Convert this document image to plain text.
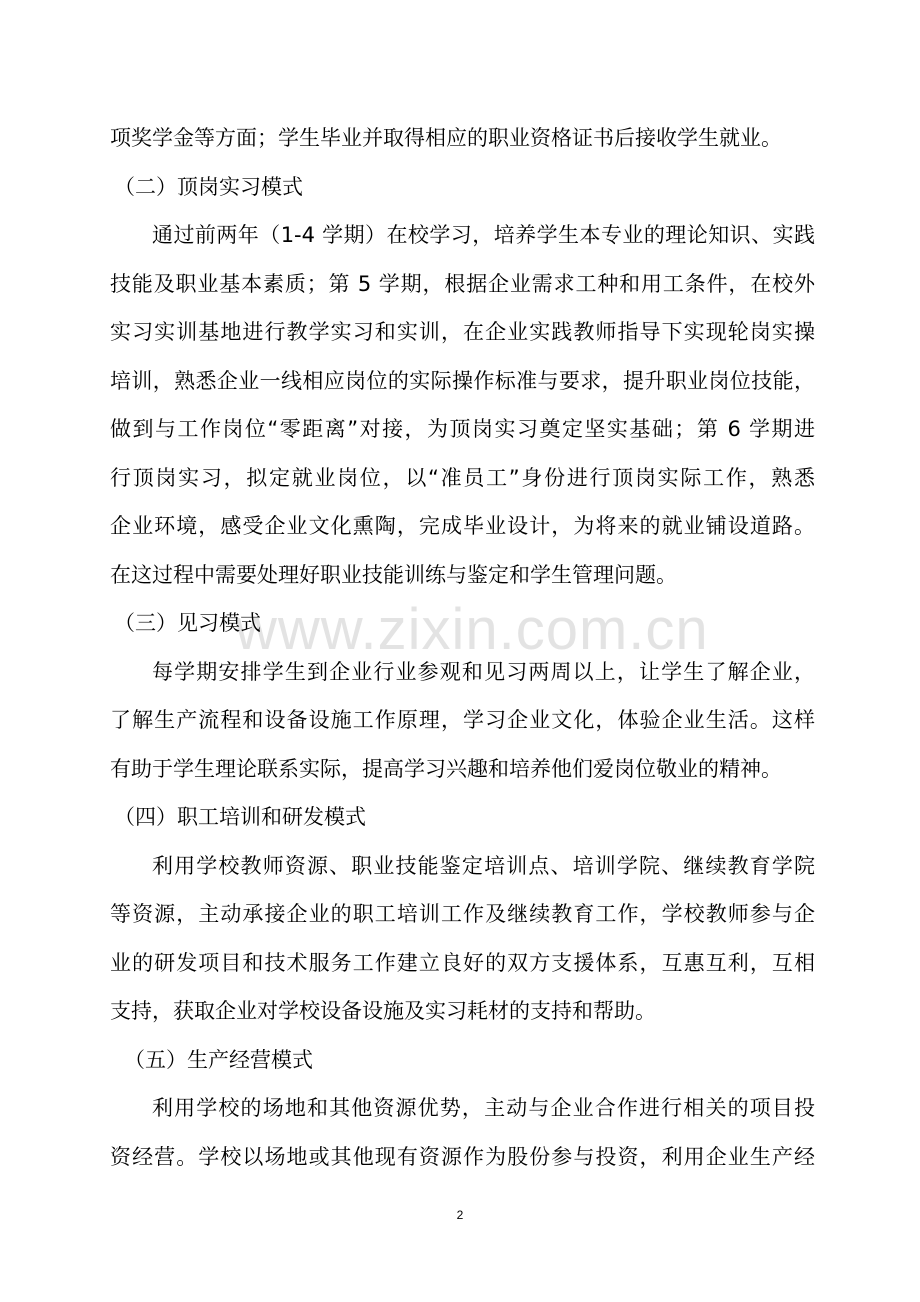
www.zixin.com.cn
项奖学金等方面；学生毕业并取得相应的职业资格证书后接收学生就业。
（二）顶岗实习模式
通过前两年（1-4 学期）在校学习，培养学生本专业的理论知识、实践
技能及职业基本素质；第 5 学期，根据企业需求工种和用工条件，在校外
实习实训基地进行教学实习和实训，在企业实践教师指导下实现轮岗实操
培训，熟悉企业一线相应岗位的实际操作标准与要求，提升职业岗位技能，
做到与工作岗位“零距离”对接，为顶岗实习奠定坚实基础；第 6 学期进
行顶岗实习，拟定就业岗位，以“准员工”身份进行顶岗实际工作，熟悉
企业环境，感受企业文化熏陶，完成毕业设计，为将来的就业铺设道路。
在这过程中需要处理好职业技能训练与鉴定和学生管理问题。
（三）见习模式
每学期安排学生到企业行业参观和见习两周以上，让学生了解企业，
了解生产流程和设备设施工作原理，学习企业文化，体验企业生活。这样
有助于学生理论联系实际，提高学习兴趣和培养他们爱岗位敬业的精神。
（四）职工培训和研发模式
利用学校教师资源、职业技能鉴定培训点、培训学院、继续教育学院
等资源，主动承接企业的职工培训工作及继续教育工作，学校教师参与企
业的研发项目和技术服务工作建立良好的双方支援体系，互惠互利，互相
支持，获取企业对学校设备设施及实习耗材的支持和帮助。
（五）生产经营模式
利用学校的场地和其他资源优势，主动与企业合作进行相关的项目投
资经营。学校以场地或其他现有资源作为股份参与投资，利用企业生产经
2
